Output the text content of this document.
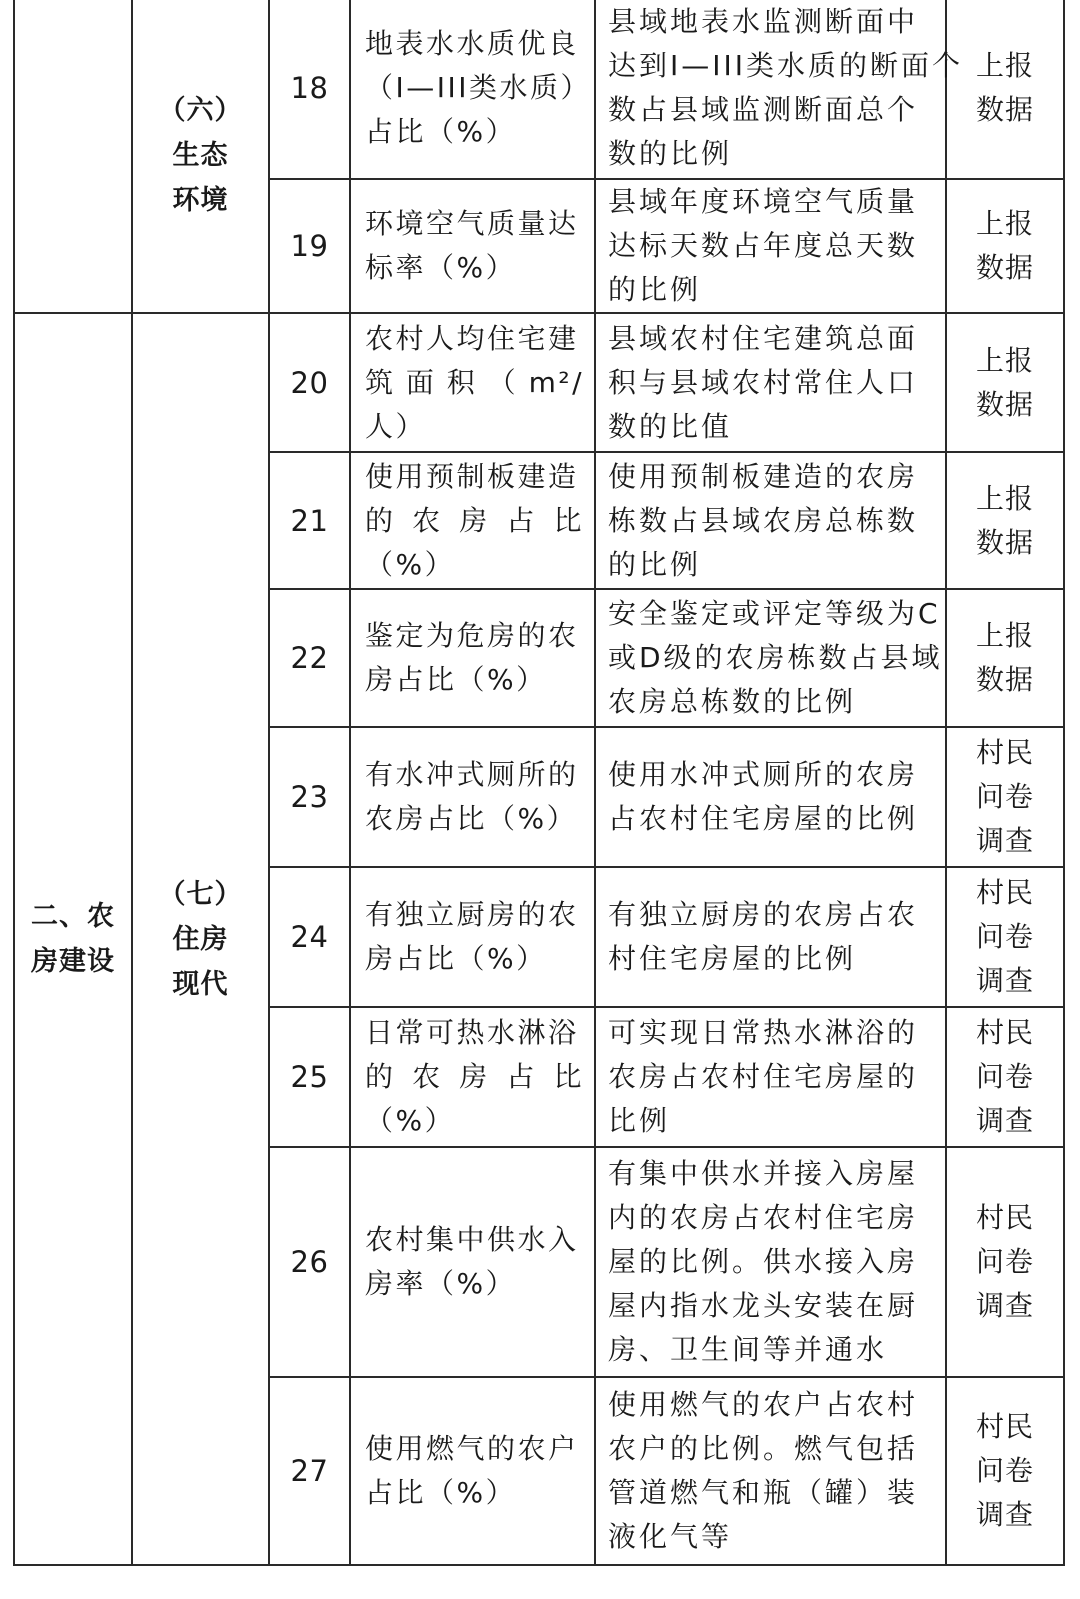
	（六）
生态
环境	18	地表水水质优良
（I—III类水质）
占比（%）	县域地表水监测断面中
达到I—III类水质的断面个
数占县域监测断面总个
数的比例	上报
数据

		19	环境空气质量达
标率（%）	县域年度环境空气质量
达标天数占年度总天数
的比例	上报
数据

二、农
房建设	（七）
住房
现代	20	农村人均住宅建
筑面积（m²/
人）	县域农村住宅建筑总面
积与县域农村常住人口
数的比值	上报
数据

		21	使用预制板建造
的农房占比
（%）	使用预制板建造的农房
栋数占县域农房总栋数
的比例	上报
数据

		22	鉴定为危房的农
房占比（%）	安全鉴定或评定等级为C
或D级的农房栋数占县域
农房总栋数的比例	上报
数据

		23	有水冲式厕所的
农房占比（%）	使用水冲式厕所的农房
占农村住宅房屋的比例	村民
问卷
调查

		24	有独立厨房的农
房占比（%）	有独立厨房的农房占农
村住宅房屋的比例	村民
问卷
调查

		25	日常可热水淋浴
的农房占比
（%）	可实现日常热水淋浴的
农房占农村住宅房屋的
比例	村民
问卷
调查

		26	农村集中供水入
房率（%）	有集中供水并接入房屋
内的农房占农村住宅房
屋的比例。供水接入房
屋内指水龙头安装在厨
房、卫生间等并通水	村民
问卷
调查

		27	使用燃气的农户
占比（%）	使用燃气的农户占农村
农户的比例。燃气包括
管道燃气和瓶（罐）装
液化气等	村民
问卷
调查
